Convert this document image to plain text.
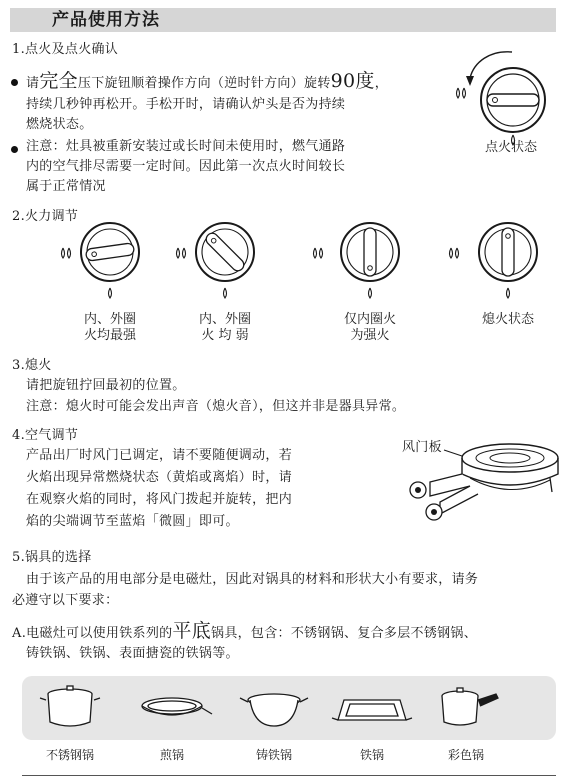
产品使用方法
1.点火及点火确认
请完全压下旋钮顺着操作方向（逆时针方向）旋转90度，
持续几秒钟再松开。手松开时，请确认炉头是否为持续
燃烧状态。
注意：灶具被重新安装过或长时间未使用时，燃气通路
内的空气排尽需要一定时间。因此第一次点火时间较长
属于正常情况
点火状态
2.火力调节
内、外圈
火均最强
内、外圈
火 均 弱
仅内圈火
为强火
熄火状态
3.熄火
请把旋钮拧回最初的位置。
注意：熄火时可能会发出声音（熄火音），但这并非是器具异常。
4.空气调节
产品出厂时风门已调定，请不要随便调动，若
火焰出现异常燃烧状态（黄焰或离焰）时，请
在观察火焰的同时，将风门拨起并旋转，把内
焰的尖端调节至蓝焰「微圆」即可。
风门板
5.锅具的选择
由于该产品的用电部分是电磁灶，因此对锅具的材料和形状大小有要求，请务
必遵守以下要求：
A.电磁灶可以使用铁系列的平底锅具，包含：不锈钢锅、复合多层不锈钢锅、
铸铁锅、铁锅、表面搪瓷的铁锅等。
不锈钢锅	煎锅	铸铁锅	铁锅	彩色锅
